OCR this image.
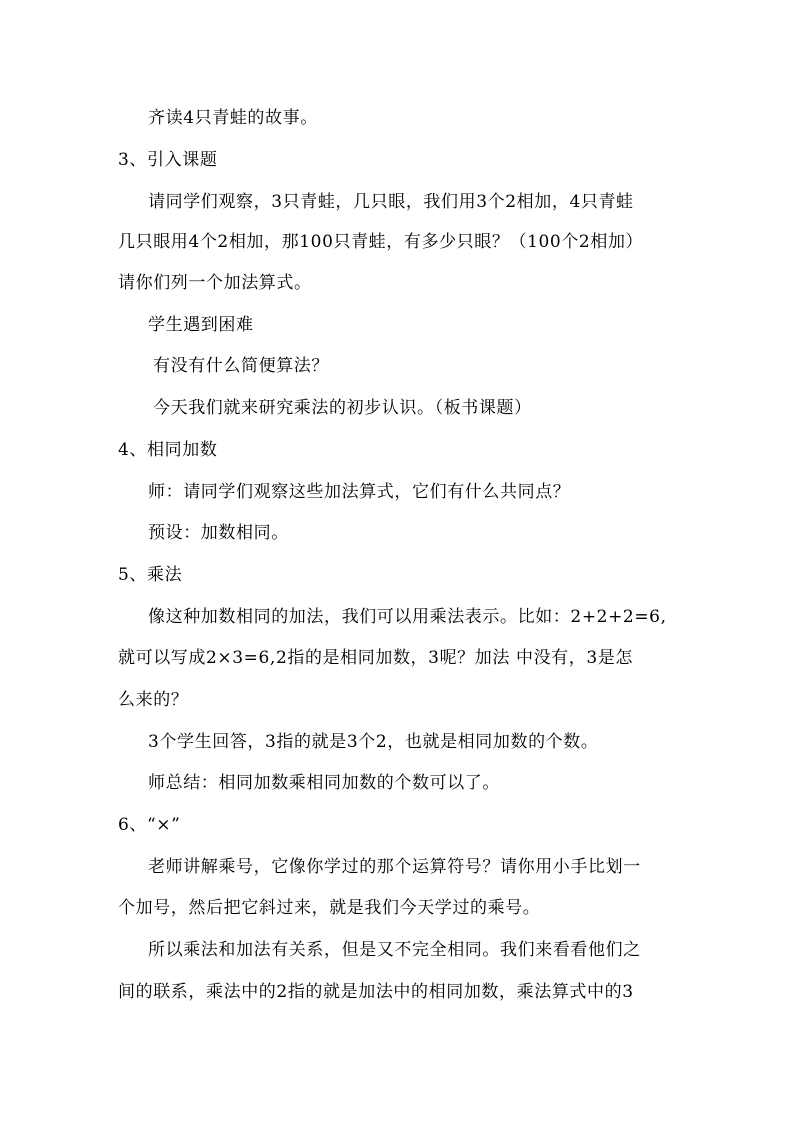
齐读4只青蛙的故事。
3、引入课题
请同学们观察，3只青蛙，几只眼，我们用3个2相加，4只青蛙
几只眼用4个2相加，那100只青蛙，有多少只眼？（100个2相加）
请你们列一个加法算式。
学生遇到困难
有没有什么简便算法？
今天我们就来研究乘法的初步认识。（板书课题）
4、相同加数
师：请同学们观察这些加法算式，它们有什么共同点？
预设：加数相同。
5、乘法
像这种加数相同的加法，我们可以用乘法表示。比如：2+2+2=6,
就可以写成2×3=6,2指的是相同加数，3呢？加法 中没有，3是怎
么来的？
3个学生回答，3指的就是3个2，也就是相同加数的个数。
师总结：相同加数乘相同加数的个数可以了。
6、“×”
老师讲解乘号，它像你学过的那个运算符号？请你用小手比划一
个加号，然后把它斜过来，就是我们今天学过的乘号。
所以乘法和加法有关系，但是又不完全相同。我们来看看他们之
间的联系，乘法中的2指的就是加法中的相同加数，乘法算式中的3
